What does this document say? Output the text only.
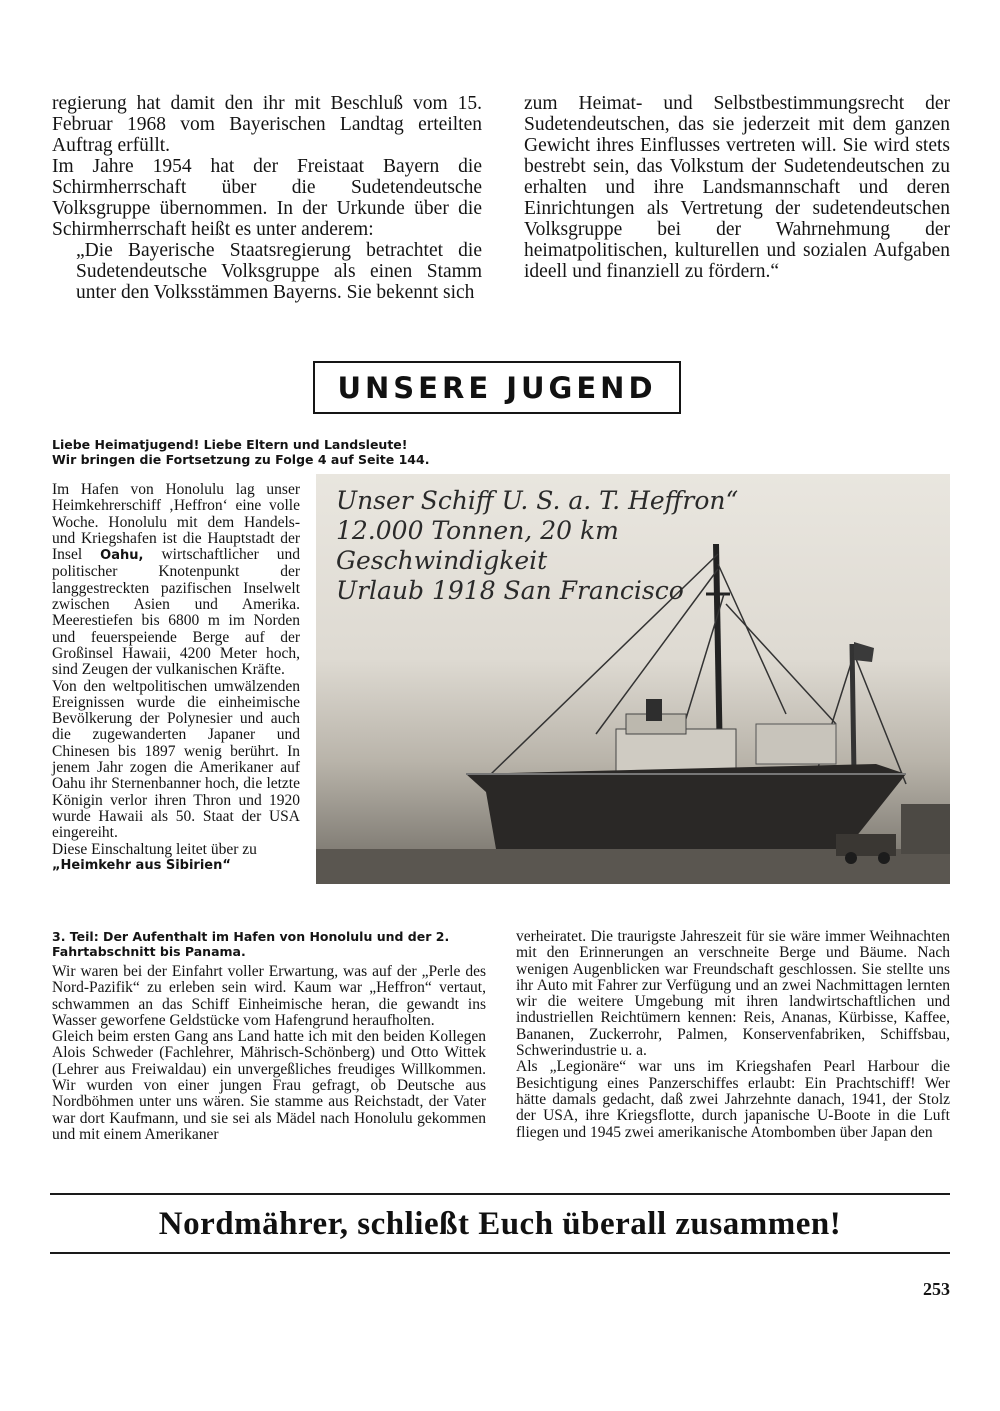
regierung hat damit den ihr mit Beschluß vom 15. Februar 1968 vom Bayerischen Landtag erteilten Auftrag erfüllt.

Im Jahre 1954 hat der Freistaat Bayern die Schirmherrschaft über die Sudetendeutsche Volksgruppe übernommen. In der Urkunde über die Schirmherrschaft heißt es unter anderem:

„Die Bayerische Staatsregierung betrachtet die Sudetendeutsche Volksgruppe als einen Stamm unter den Volksstämmen Bayerns. Sie bekennt sich

zum Heimat- und Selbstbestimmungsrecht der Sudetendeutschen, das sie jederzeit mit dem ganzen Gewicht ihres Einflusses vertreten will. Sie wird stets bestrebt sein, das Volkstum der Sudetendeutschen zu erhalten und ihre Landsmannschaft und deren Einrichtungen als Vertretung der sudetendeutschen Volksgruppe bei der Wahrnehmung der heimatpolitischen, kulturellen und sozialen Aufgaben ideell und finanziell zu fördern.“

UNSERE JUGEND
Liebe Heimatjugend! Liebe Eltern und Landsleute!
Wir bringen die Fortsetzung zu Folge 4 auf Seite 144.

Im Hafen von Honolulu lag unser Heimkehrerschiff ‚Heffron‘ eine volle Woche. Honolulu mit dem Handels- und Kriegshafen ist die Hauptstadt der Insel Oahu, wirtschaftlicher und politischer Knotenpunkt der langgestreckten pazifischen Inselwelt zwischen Asien und Amerika. Meerestiefen bis 6800 m im Norden und feuerspeiende Berge auf der Großinsel Hawaii, 4200 Meter hoch, sind Zeugen der vulkanischen Kräfte.

Von den weltpolitischen umwälzenden Ereignissen wurde die einheimische Bevölkerung der Polynesier und auch die zugewanderten Japaner und Chinesen bis 1897 wenig berührt. In jenem Jahr zogen die Amerikaner auf Oahu ihr Sternenbanner hoch, die letzte Königin verlor ihren Thron und 1920 wurde Hawaii als 50. Staat der USA eingereiht.

Diese Einschaltung leitet über zu

„Heimkehr aus Sibirien“

Unser Schiff U. S. a. T. Heffron“
12.000 Tonnen, 20 km Geschwindigkeit
Urlaub 1918 San Francisco
3. Teil: Der Aufenthalt im Hafen von Honolulu und der 2. Fahrtabschnitt bis Panama.

Wir waren bei der Einfahrt voller Erwartung, was auf der „Perle des Nord-Pazifik“ zu erleben sein wird. Kaum war „Heffron“ vertaut, schwammen an das Schiff Einheimische heran, die gewandt ins Wasser geworfene Geldstücke vom Hafengrund heraufholten.

Gleich beim ersten Gang ans Land hatte ich mit den beiden Kollegen Alois Schweder (Fachlehrer, Mährisch-Schönberg) und Otto Wittek (Lehrer aus Freiwaldau) ein unvergeßliches freudiges Willkommen. Wir wurden von einer jungen Frau gefragt, ob Deutsche aus Nordböhmen unter uns wären. Sie stamme aus Reichstadt, der Vater war dort Kaufmann, und sie sei als Mädel nach Honolulu gekommen und mit einem Amerikaner

verheiratet. Die traurigste Jahreszeit für sie wäre immer Weihnachten mit den Erinnerungen an verschneite Berge und Bäume. Nach wenigen Augenblicken war Freundschaft geschlossen. Sie stellte uns ihr Auto mit Fahrer zur Verfügung und an zwei Nachmittagen lernten wir die weitere Umgebung mit ihren landwirtschaftlichen und industriellen Reichtümern kennen: Reis, Ananas, Kürbisse, Kaffee, Bananen, Zuckerrohr, Palmen, Konservenfabriken, Schiffsbau, Schwerindustrie u. a.

Als „Legionäre“ war uns im Kriegshafen Pearl Harbour die Besichtigung eines Panzerschiffes erlaubt: Ein Prachtschiff! Wer hätte damals gedacht, daß zwei Jahrzehnte danach, 1941, der Stolz der USA, ihre Kriegsflotte, durch japanische U-Boote in die Luft fliegen und 1945 zwei amerikanische Atombomben über Japan den

Nordmährer, schließt Euch überall zusammen!
253
